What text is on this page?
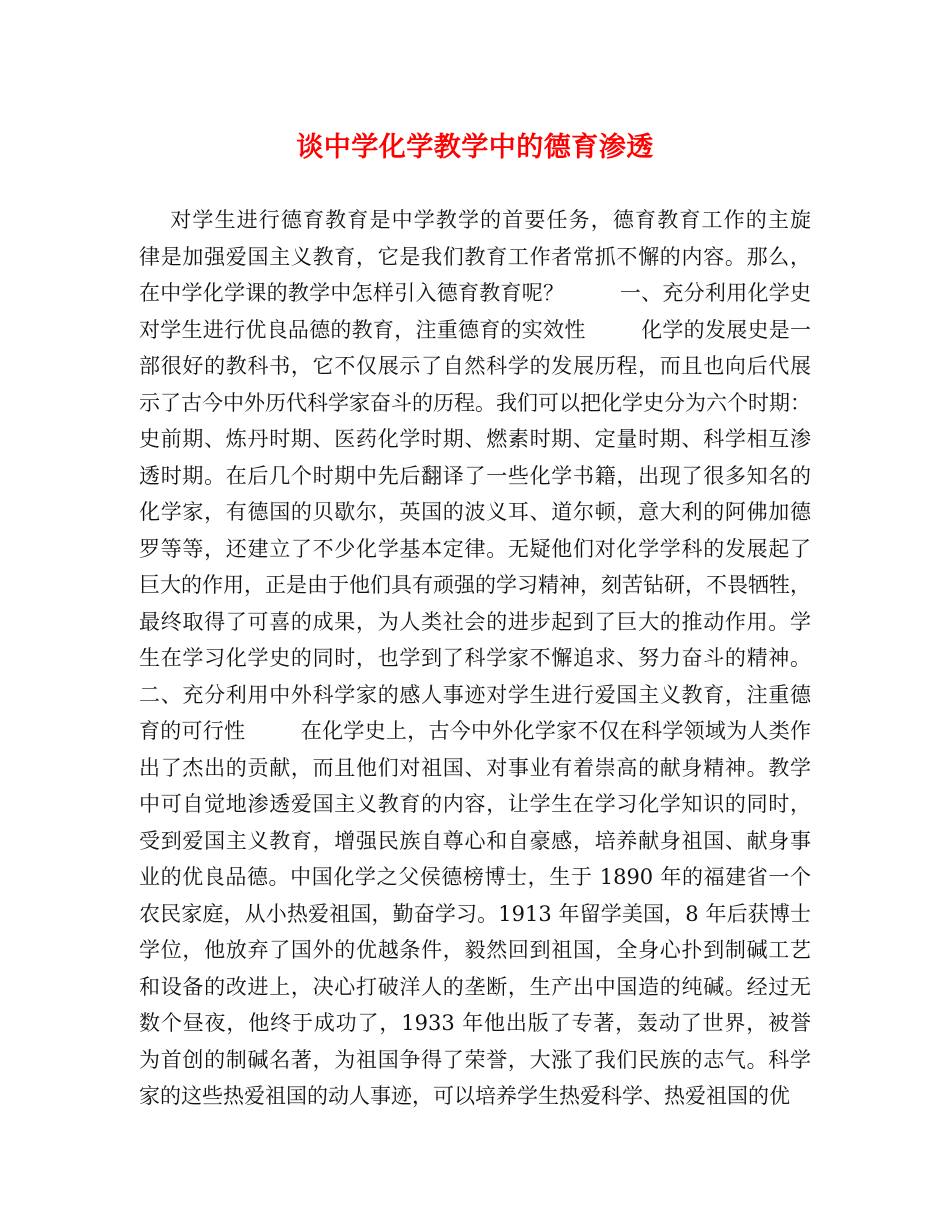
谈中学化学教学中的德育渗透
对学生进行德育教育是中学教学的首要任务，德育教育工作的主旋
律是加强爱国主义教育，它是我们教育工作者常抓不懈的内容。那么，
在中学化学课的教学中怎样引入德育教育呢？        一、充分利用化学史
对学生进行优良品德的教育，注重德育的实效性        化学的发展史是一
部很好的教科书，它不仅展示了自然科学的发展历程，而且也向后代展
示了古今中外历代科学家奋斗的历程。我们可以把化学史分为六个时期：
史前期、炼丹时期、医药化学时期、燃素时期、定量时期、科学相互渗
透时期。在后几个时期中先后翻译了一些化学书籍，出现了很多知名的
化学家，有德国的贝歇尔，英国的波义耳、道尔顿，意大利的阿佛加德
罗等等，还建立了不少化学基本定律。无疑他们对化学学科的发展起了
巨大的作用，正是由于他们具有顽强的学习精神，刻苦钻研，不畏牺牲，
最终取得了可喜的成果，为人类社会的进步起到了巨大的推动作用。学
生在学习化学史的同时，也学到了科学家不懈追求、努力奋斗的精神。
二、充分利用中外科学家的感人事迹对学生进行爱国主义教育，注重德
育的可行性        在化学史上，古今中外化学家不仅在科学领域为人类作
出了杰出的贡献，而且他们对祖国、对事业有着崇高的献身精神。教学
中可自觉地渗透爱国主义教育的内容，让学生在学习化学知识的同时，
受到爱国主义教育，增强民族自尊心和自豪感，培养献身祖国、献身事
业的优良品德。中国化学之父侯德榜博士，生于 1890 年的福建省一个
农民家庭，从小热爱祖国，勤奋学习。1913 年留学美国，8 年后获博士
学位，他放弃了国外的优越条件，毅然回到祖国，全身心扑到制碱工艺
和设备的改进上，决心打破洋人的垄断，生产出中国造的纯碱。经过无
数个昼夜，他终于成功了，1933 年他出版了专著，轰动了世界，被誉
为首创的制碱名著，为祖国争得了荣誉，大涨了我们民族的志气。科学
家的这些热爱祖国的动人事迹，可以培养学生热爱科学、热爱祖国的优
